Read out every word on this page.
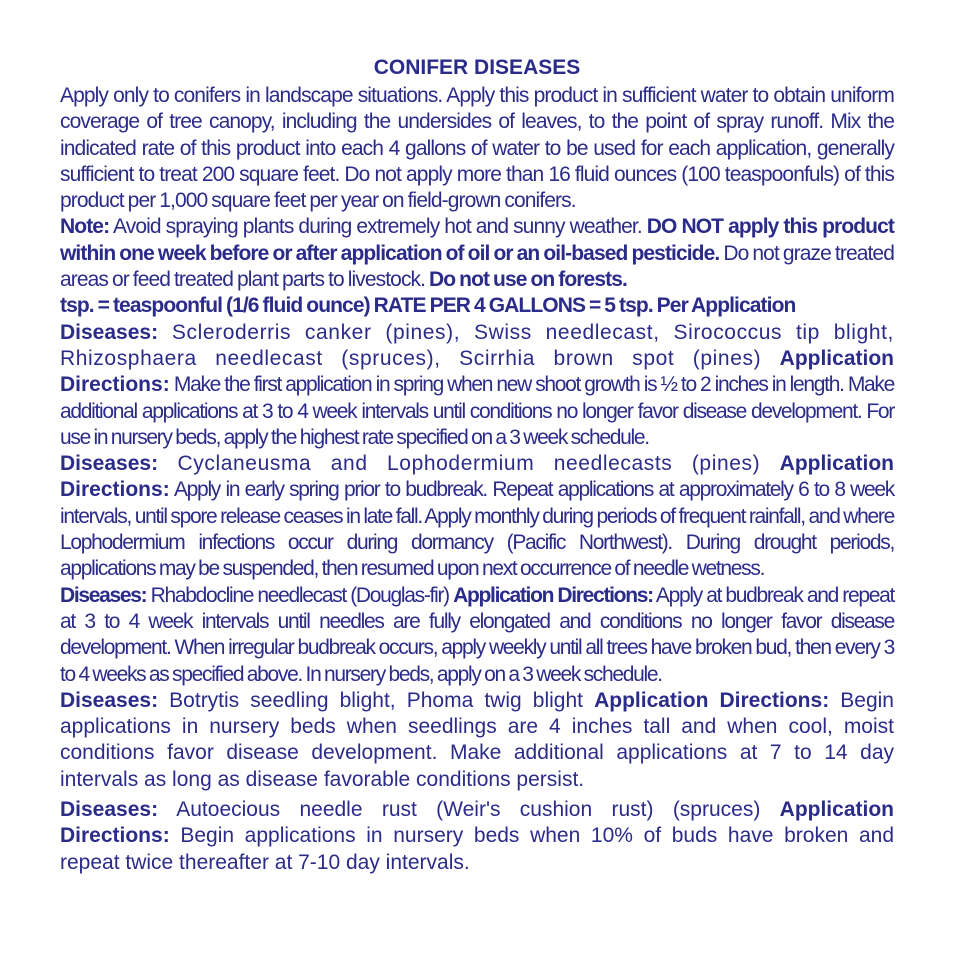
CONIFER DISEASES

Apply only to conifers in landscape situations. Apply this product in sufficient water to obtain uniform coverage of tree canopy, including the undersides of leaves, to the point of spray runoff. Mix the indicated rate of this product into each 4 gallons of water to be used for each application, generally sufficient to treat 200 square feet. Do not apply more than 16 fluid ounces (100 teaspoonfuls) of this product per 1,000 square feet per year on field-grown conifers.

Note: Avoid spraying plants during extremely hot and sunny weather. DO NOT apply this product within one week before or after application of oil or an oil-based pesticide. Do not graze treated areas or feed treated plant parts to livestock. Do not use on forests.

tsp. = teaspoonful (1/6 fluid ounce) RATE PER 4 GALLONS = 5 tsp. Per Application

Diseases: Scleroderris canker (pines), Swiss needlecast, Sirococcus tip blight, Rhizosphaera needlecast (spruces), Scirrhia brown spot (pines) Application Directions: Make the first application in spring when new shoot growth is ½ to 2 inches in length. Make additional applications at 3 to 4 week intervals until conditions no longer favor disease development. For use in nursery beds, apply the highest rate specified on a 3 week schedule.

Diseases: Cyclaneusma and Lophodermium needlecasts (pines) Application Directions: Apply in early spring prior to budbreak. Repeat applications at approximately 6 to 8 week intervals, until spore release ceases in late fall. Apply monthly during periods of frequent rainfall, and where Lophodermium infections occur during dormancy (Pacific Northwest). During drought periods, applications may be suspended, then resumed upon next occurrence of needle wetness.

Diseases: Rhabdocline needlecast (Douglas-fir) Application Directions: Apply at budbreak and repeat at 3 to 4 week intervals until needles are fully elongated and conditions no longer favor disease development. When irregular budbreak occurs, apply weekly until all trees have broken bud, then every 3 to 4 weeks as specified above. In nursery beds, apply on a 3 week schedule.

Diseases: Botrytis seedling blight, Phoma twig blight Application Directions: Begin applications in nursery beds when seedlings are 4 inches tall and when cool, moist conditions favor disease development. Make additional applications at 7 to 14 day intervals as long as disease favorable conditions persist.

Diseases: Autoecious needle rust (Weir's cushion rust) (spruces) Application Directions: Begin applications in nursery beds when 10% of buds have broken and repeat twice thereafter at 7-10 day intervals.
